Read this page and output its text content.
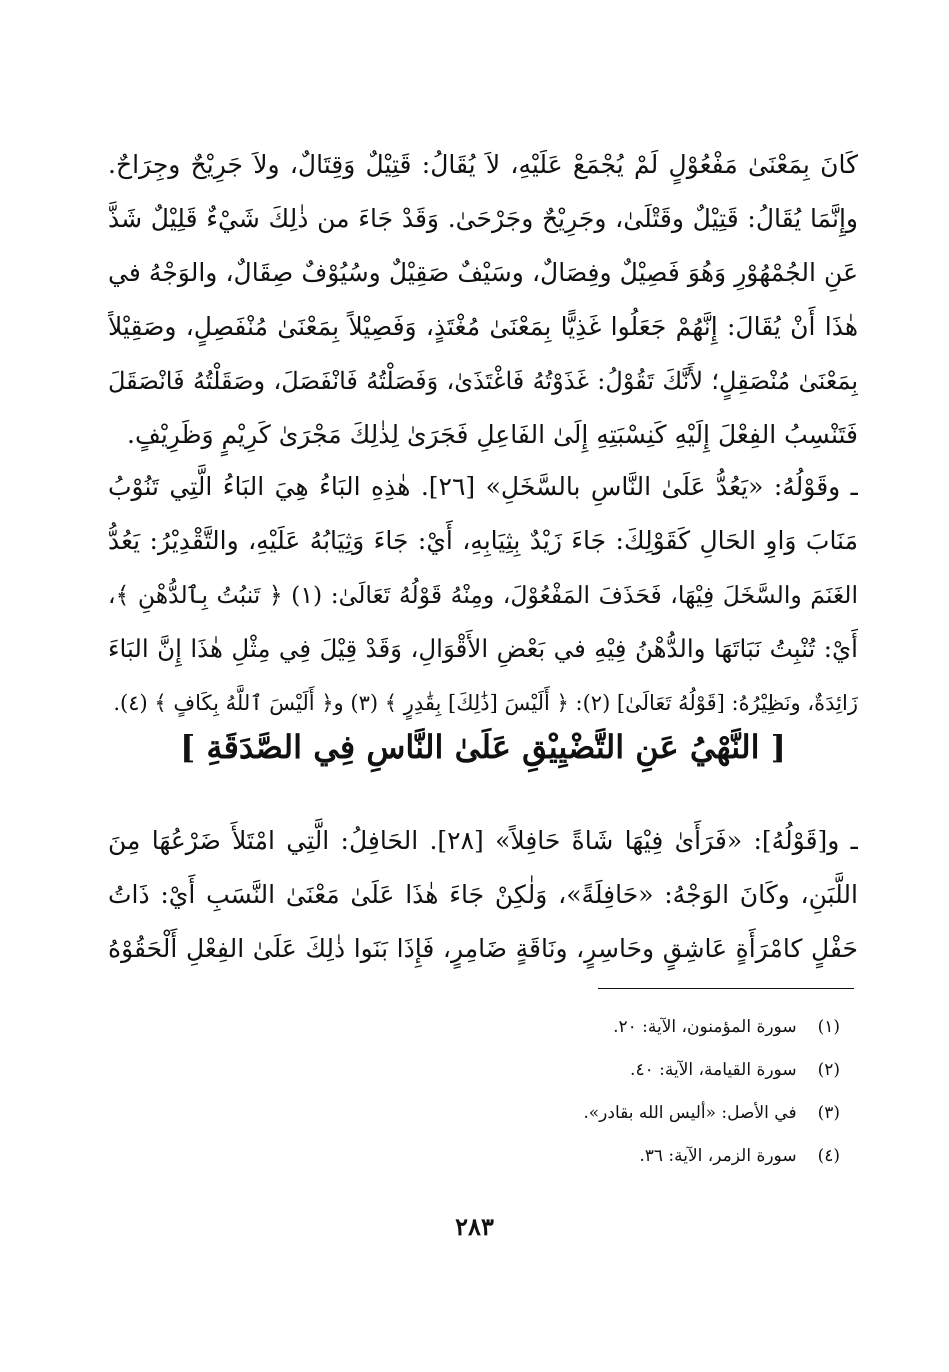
كَانَ بِمَعْنَىٰ مَفْعُوْلٍ لَمْ يُجْمَعْ عَلَيْهِ، لاَ يُقَالُ: قَتِيْلٌ وَقِتَالٌ، ولاَ جَرِيْحٌ وجِرَاحٌ.
وإِنَّمَا يُقَالُ: قَتِيْلٌ وقَتْلَىٰ، وجَرِيْحٌ وجَرْحَىٰ. وَقَدْ جَاءَ من ذٰلِكَ شَيْءٌ قَلِيْلٌ شَذَّ
عَنِ الجُمْهُوْرِ وَهُوَ فَصِيْلٌ وفِصَالٌ، وسَيْفٌ صَقِيْلٌ وسُيُوْفٌ صِقَالٌ، والوَجْهُ في
هٰذَا أَنْ يُقَالَ: إِنَّهُمْ جَعَلُوا غَذِيًّا بِمَعْنَىٰ مُغْتَذٍ، وَفَصِيْلاً بِمَعْنَىٰ مُنْفَصِلٍ، وصَقِيْلاً
بِمَعْنَىٰ مُنْصَقِلٍ؛ لأَنَّكَ تَقُوْلُ: غَذَوْتُهُ فَاغْتَذَىٰ، وَفَصَلْتُهُ فَانْفَصَلَ، وصَقَلْتُهُ فَانْصَقَلَ
فَتَنْسِبُ الفِعْلَ إِلَيْهِ كَنِسْبَتِهِ إِلَىٰ الفَاعِلِ فَجَرَىٰ لِذٰلِكَ مَجْرَىٰ كَرِيْمٍ وَظَرِيْفٍ.
ـ وقَوْلُهُ: «يَعُدُّ عَلَىٰ النَّاسِ بالسَّخَلِ» [٢٦]. هٰذِهِ البَاءُ هِيَ البَاءُ الَّتِي تَنُوْبُ
مَنَابَ وَاوِ الحَالِ كَقَوْلِكَ: جَاءَ زَيْدٌ بِثِيَابِهِ، أَيْ: جَاءَ وَثِيَابُهُ عَلَيْهِ، والتَّقْدِيْرُ: يَعُدُّ
الغَنَمَ والسَّخَلَ فِيْهَا، فَحَذَفَ المَفْعُوْلَ، ومِنْهُ قَوْلُهُ تَعَالَىٰ: (١) ﴿ تَنبُتُ بِٱلدُّهْنِ ﴾،
أَيْ: تُنْبِتُ نَبَاتَهَا والدُّهْنُ فِيْهِ في بَعْضِ الأَقْوَالِ، وَقَدْ قِيْلَ فِي مِثْلِ هٰذَا إِنَّ البَاءَ
زَائِدَةٌ، ونَظِيْرُهُ: [قَوْلُهُ تَعَالَىٰ] (٢): ﴿ أَلَيْسَ [ذَٰلِكَ] بِقَٰدِرٍ ﴾ (٣) و﴿ أَلَيْسَ ٱللَّهُ بِكَافٍ ﴾ (٤).
[ النَّهْيُ عَنِ التَّضْيِيْقِ عَلَىٰ النَّاسِ فِي الصَّدَقَةِ ]
ـ و[قَوْلُهُ]: «فَرَأَىٰ فِيْهَا شَاةً حَافِلاً» [٢٨]. الحَافِلُ: الَّتِي امْتَلأَ ضَرْعُهَا مِنَ
اللَّبَنِ، وكَانَ الوَجْهُ: «حَافِلَةً»، وَلٰكِنْ جَاءَ هٰذَا عَلَىٰ مَعْنَىٰ النَّسَبِ أَيْ: ذَاتُ
حَفْلٍ كامْرَأَةٍ عَاشِقٍ وحَاسِرٍ، ونَاقَةٍ ضَامِرٍ، فَإِذَا بَنَوا ذٰلِكَ عَلَىٰ الفِعْلِ أَلْحَقُوْهُ
(١) سورة المؤمنون، الآية: ٢٠.
(٢) سورة القيامة، الآية: ٤٠.
(٣) في الأصل: «أليس الله بقادر».
(٤) سورة الزمر، الآية: ٣٦.
٢٨٣
